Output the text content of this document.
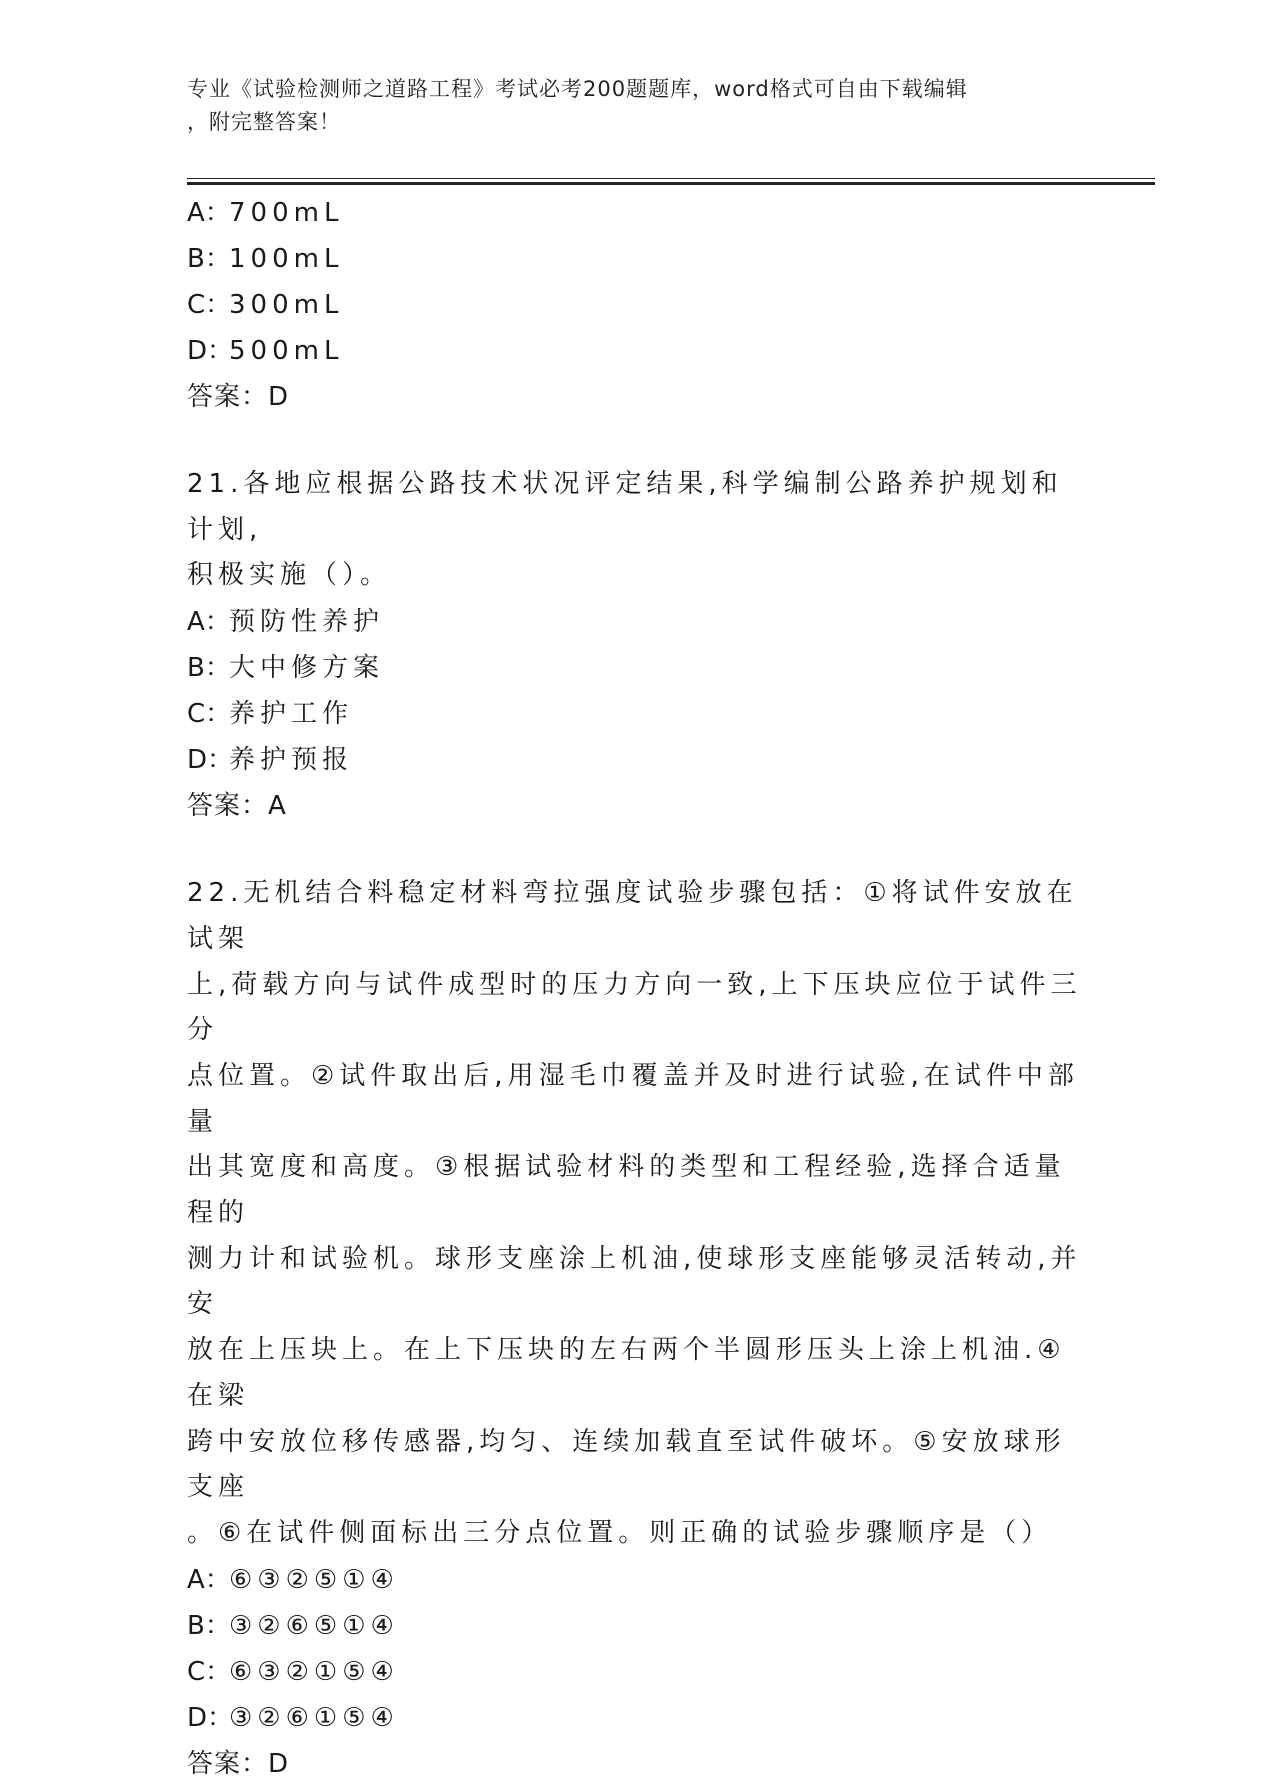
专业《试验检测师之道路工程》考试必考200题题库，word格式可自由下载编辑
，附完整答案！
A：700mL
B：100mL
C：300mL
D：500mL
答案：D
21.各地应根据公路技术状况评定结果,科学编制公路养护规划和计划,
积极实施（）。
A：预防性养护
B：大中修方案
C：养护工作
D：养护预报
答案：A
22.无机结合料稳定材料弯拉强度试验步骤包括：①将试件安放在试架
上,荷载方向与试件成型时的压力方向一致,上下压块应位于试件三分
点位置。②试件取出后,用湿毛巾覆盖并及时进行试验,在试件中部量
出其宽度和高度。③根据试验材料的类型和工程经验,选择合适量程的
测力计和试验机。球形支座涂上机油,使球形支座能够灵活转动,并安
放在上压块上。在上下压块的左右两个半圆形压头上涂上机油.④在梁
跨中安放位移传感器,均匀、连续加载直至试件破坏。⑤安放球形支座
。⑥在试件侧面标出三分点位置。则正确的试验步骤顺序是（）
A：⑥③②⑤①④
B：③②⑥⑤①④
C：⑥③②①⑤④
D：③②⑥①⑤④
答案：D
